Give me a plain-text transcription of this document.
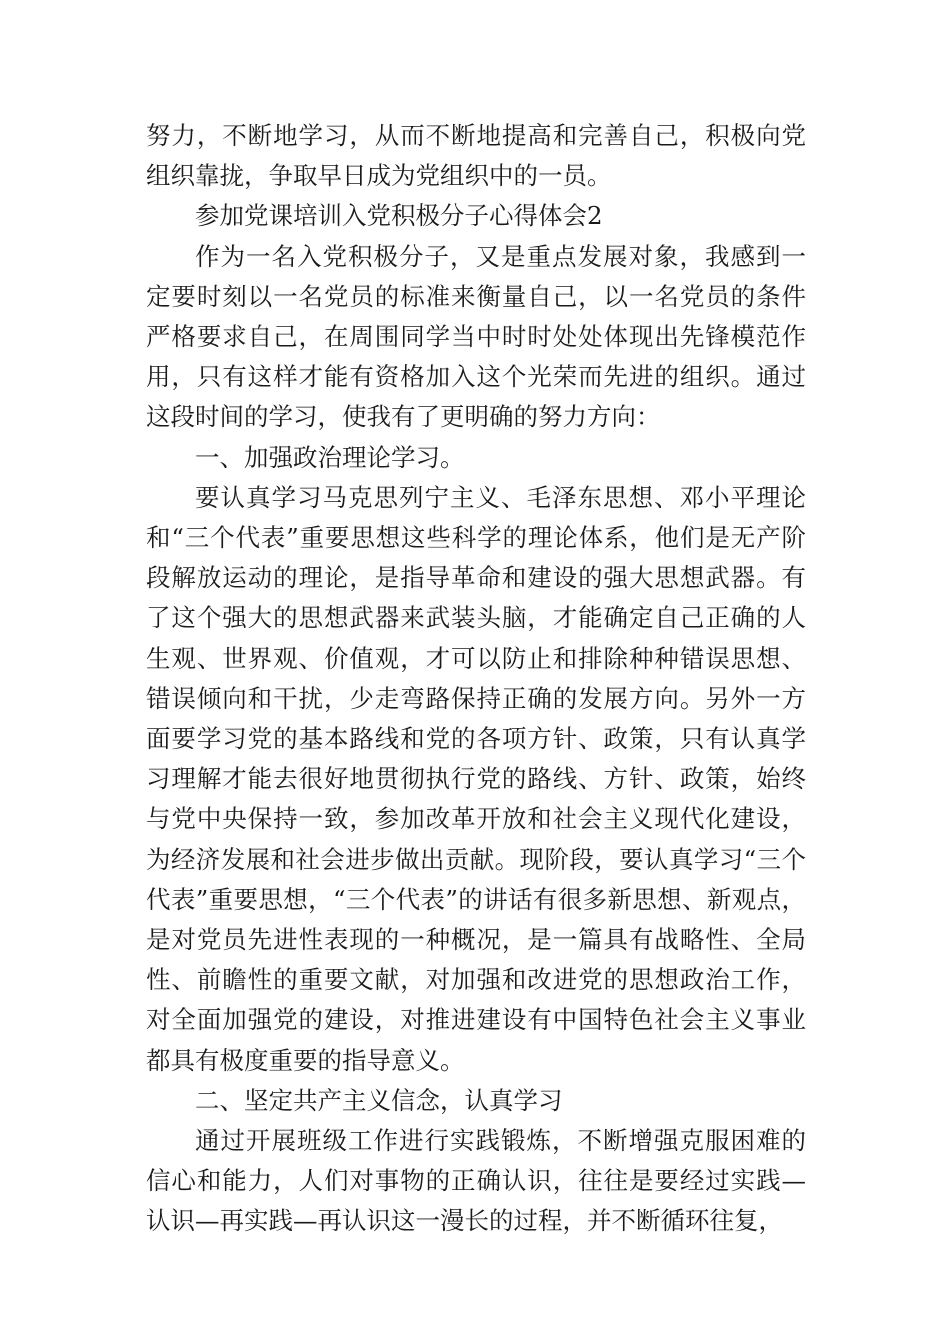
努力，不断地学习，从而不断地提高和完善自己，积极向党组织靠拢，争取早日成为党组织中的一员。

参加党课培训入党积极分子心得体会2

作为一名入党积极分子，又是重点发展对象，我感到一定要时刻以一名党员的标准来衡量自己，以一名党员的条件严格要求自己，在周围同学当中时时处处体现出先锋模范作用，只有这样才能有资格加入这个光荣而先进的组织。通过这段时间的学习，使我有了更明确的努力方向：

一、加强政治理论学习。

要认真学习马克思列宁主义、毛泽东思想、邓小平理论和“三个代表”重要思想这些科学的理论体系，他们是无产阶段解放运动的理论，是指导革命和建设的强大思想武器。有了这个强大的思想武器来武装头脑，才能确定自己正确的人生观、世界观、价值观，才可以防止和排除种种错误思想、错误倾向和干扰，少走弯路保持正确的发展方向。另外一方面要学习党的基本路线和党的各项方针、政策，只有认真学习理解才能去很好地贯彻执行党的路线、方针、政策，始终与党中央保持一致，参加改革开放和社会主义现代化建设，为经济发展和社会进步做出贡献。现阶段，要认真学习“三个代表”重要思想，“三个代表”的讲话有很多新思想、新观点，是对党员先进性表现的一种概况，是一篇具有战略性、全局性、前瞻性的重要文献，对加强和改进党的思想政治工作，对全面加强党的建设，对推进建设有中国特色社会主义事业都具有极度重要的指导意义。

二、坚定共产主义信念，认真学习

通过开展班级工作进行实践锻炼，不断增强克服困难的信心和能力，人们对事物的正确认识，往往是要经过实践—认识—再实践—再认识这一漫长的过程，并不断循环往复，
